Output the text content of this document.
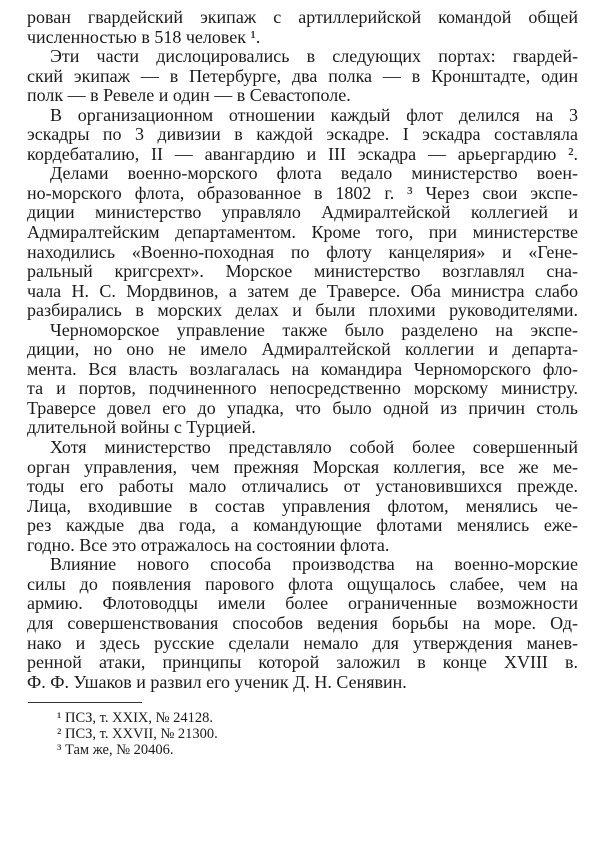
рован гвардейский экипаж с артиллерийской командой общей
численностью в 518 человек ¹.
Эти части дислоцировались в следующих портах: гвардей-
ский экипаж — в Петербурге, два полка — в Кронштадте, один
полк — в Ревеле и один — в Севастополе.
В организационном отношении каждый флот делился на 3
эскадры по 3 дивизии в каждой эскадре. I эскадра составляла
кордебаталию, II — авангардию и III эскадра — арьергардию ².
Делами военно-морского флота ведало министерство воен-
но-морского флота, образованное в 1802 г. ³ Через свои экспе-
диции министерство управляло Адмиралтейской коллегией и
Адмиралтейским департаментом. Кроме того, при министерстве
находились «Военно-походная по флоту канцелярия» и «Гене-
ральный кригсрехт». Морское министерство возглавлял сна-
чала Н. С. Мордвинов, а затем де Траверсе. Оба министра слабо
разбирались в морских делах и были плохими руководителями.
Черноморское управление также было разделено на экспе-
диции, но оно не имело Адмиралтейской коллегии и департа-
мента. Вся власть возлагалась на командира Черноморского фло-
та и портов, подчиненного непосредственно морскому министру.
Траверсе довел его до упадка, что было одной из причин столь
длительной войны с Турцией.
Хотя министерство представляло собой более совершенный
орган управления, чем прежняя Морская коллегия, все же ме-
тоды его работы мало отличались от установившихся прежде.
Лица, входившие в состав управления флотом, менялись че-
рез каждые два года, а командующие флотами менялись еже-
годно. Все это отражалось на состоянии флота.
Влияние нового способа производства на военно-морские
силы до появления парового флота ощущалось слабее, чем на
армию. Флотоводцы имели более ограниченные возможности
для совершенствования способов ведения борьбы на море. Од-
нако и здесь русские сделали немало для утверждения манев-
ренной атаки, принципы которой заложил в конце XVIII в.
Ф. Ф. Ушаков и развил его ученик Д. Н. Сенявин.
¹ ПСЗ, т. XXIX, № 24128.
² ПСЗ, т. XXVII, № 21300.
³ Там же, № 20406.
